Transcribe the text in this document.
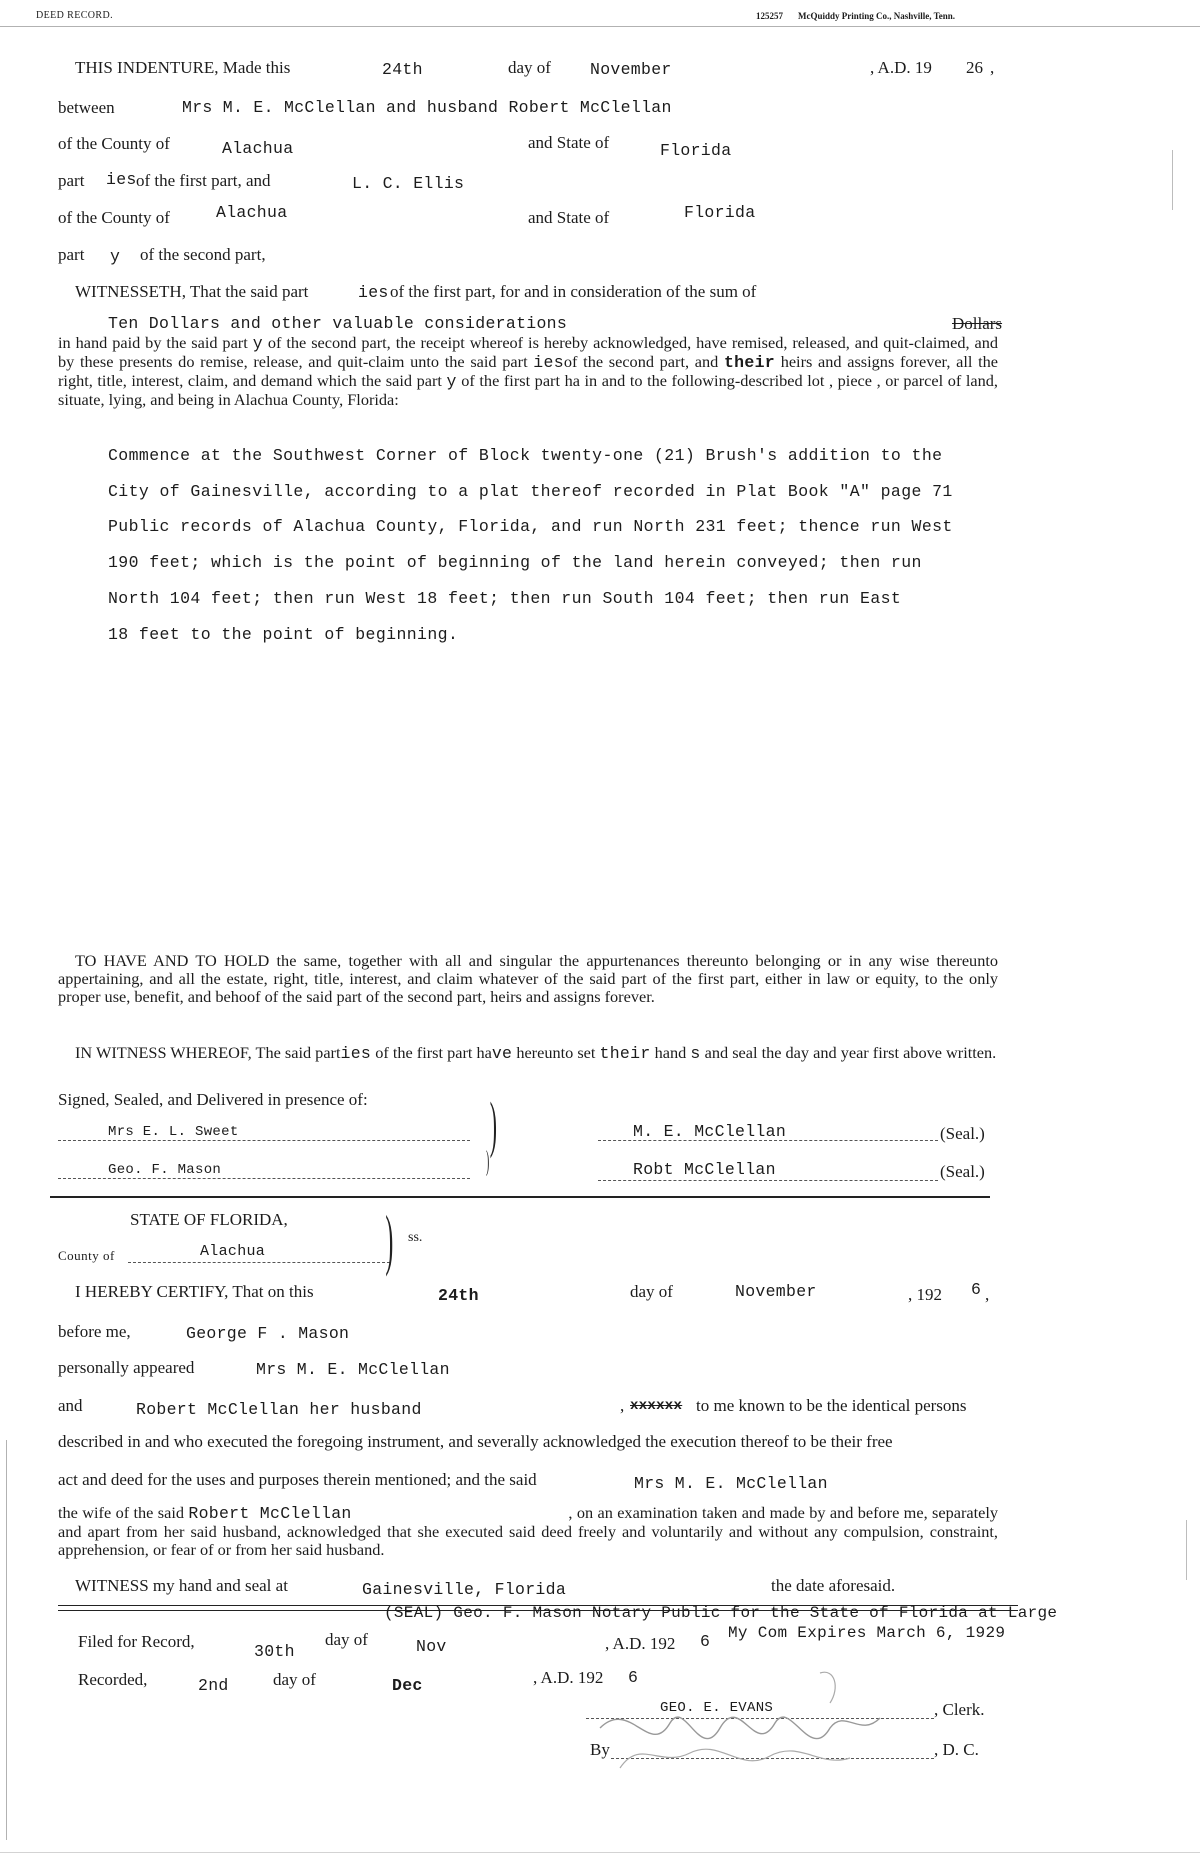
DEED RECORD.	125257 McQuiddy Printing Co., Nashville, Tenn.
THIS INDENTURE, Made this	24th	day of November	, A.D. 19 26 ,
between	Mrs M. E. McClellan and husband Robert McClellan
of the County of	Alachua	and State of	Florida
part ies of the first part, and	L. C. Ellis
of the County of	Alachua	and State of	Florida
part y of the second part,
WITNESSETH, That the said part	ies of the first part, for and in consideration of the sum of
Ten Dollars and other valuable considerations	Dollars
in hand paid by the said part y of the second part, the receipt whereof is hereby acknowledged, have remised, released, and quit-claimed, and by these presents do remise, release, and quit-claim unto the said part iesof the second part, and their heirs and assigns forever, all the right, title, interest, claim, and demand which the said part y of the first part ha in and to the following-described lot , piece , or parcel of land, situate, lying, and being in Alachua County, Florida:
Commence at the Southwest Corner of Block twenty-one (21) Brush's addition to the
City of Gainesville, according to a plat thereof recorded in Plat Book "A" page 71
Public records of Alachua County, Florida, and run North 231 feet; thence run West
190 feet; which is the point of beginning of the land herein conveyed; then run
North 104 feet; then run West 18 feet; then run South 104 feet; then run East
18 feet to the point of beginning.
TO HAVE AND TO HOLD the same, together with all and singular the appurtenances thereunto belonging or in any wise thereunto appertaining, and all the estate, right, title, interest, and claim whatever of the said part of the first part, either in law or equity, to the only proper use, benefit, and behoof of the said part of the second part, heirs and assigns forever.
IN WITNESS WHEREOF, The said parties of the first part have hereunto set their hand s and seal the day and year first above written.
Signed, Sealed, and Delivered in presence of:
Mrs E. L. Sweet
Geo. F. Mason
)
)
M. E. McClellan	(Seal.)
Robt McClellan	(Seal.)
STATE OF FLORIDA,
County of	Alachua ) ss.
I HEREBY CERTIFY, That on this	24th	day of	November	, 192 6 ,
before me,	George F . Mason
personally appeared	Mrs M. E. McClellan
and	Robert McClellan her husband	, xxxxxx to me known to be the identical persons
described in and who executed the foregoing instrument, and severally acknowledged the execution thereof to be their free
act and deed for the uses and purposes therein mentioned; and the said	Mrs M. E. McClellan
the wife of the said Robert McClellan	, on an examination taken and made by and before me, separately and apart from her said husband, acknowledged that she executed said deed freely and voluntarily and without any compulsion, constraint, apprehension, or fear of or from her said husband.
WITNESS my hand and seal at	Gainesville, Florida	the date aforesaid.
(SEAL) Geo. F. Mason Notary Public for the State of Florida at Large
My Com Expires March 6, 1929
Filed for Record,
30th
day of	Nov	, A.D. 192 6
Recorded,	2nd	day of	Dec	, A.D. 192 6
GEO. E. EVANS	, Clerk.
By	, D. C.
